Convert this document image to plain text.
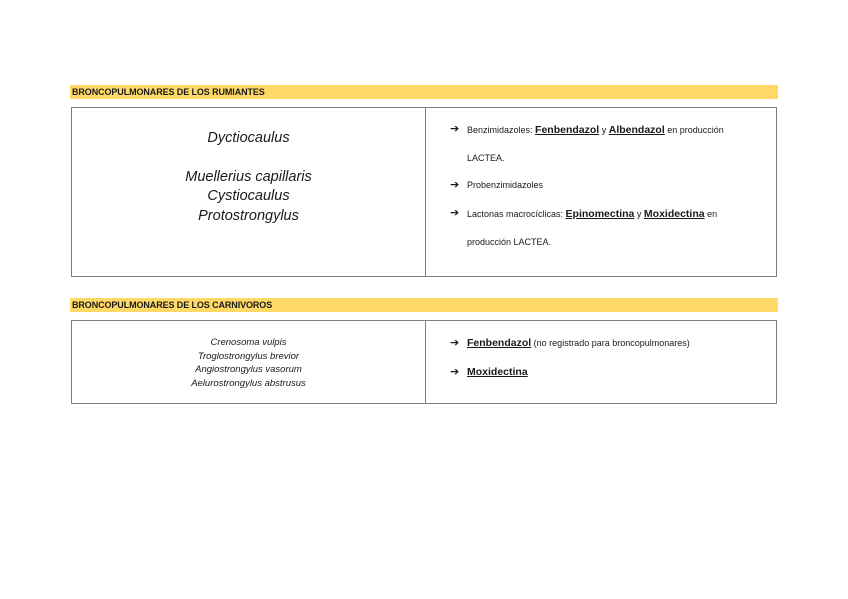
BRONCOPULMONARES DE LOS RUMIANTES
Dyctiocaulus
Muellerius capillaris
Cystiocaulus
Protostrongylus
➔ Benzimidazoles: Fenbendazol y Albendazol en producción
LACTEA.
➔ Probenzimidazoles
➔ Lactonas macrocíclicas: Epinomectina y Moxidectina en
producción LACTEA.
BRONCOPULMONARES DE LOS CARNIVOROS
Crenosoma vulpis
Troglostrongylus brevior
Angiostrongylus vasorum
Aelurostrongylus abstrusus
➔ Fenbendazol (no registrado para broncopulmonares)
➔ Moxidectina
